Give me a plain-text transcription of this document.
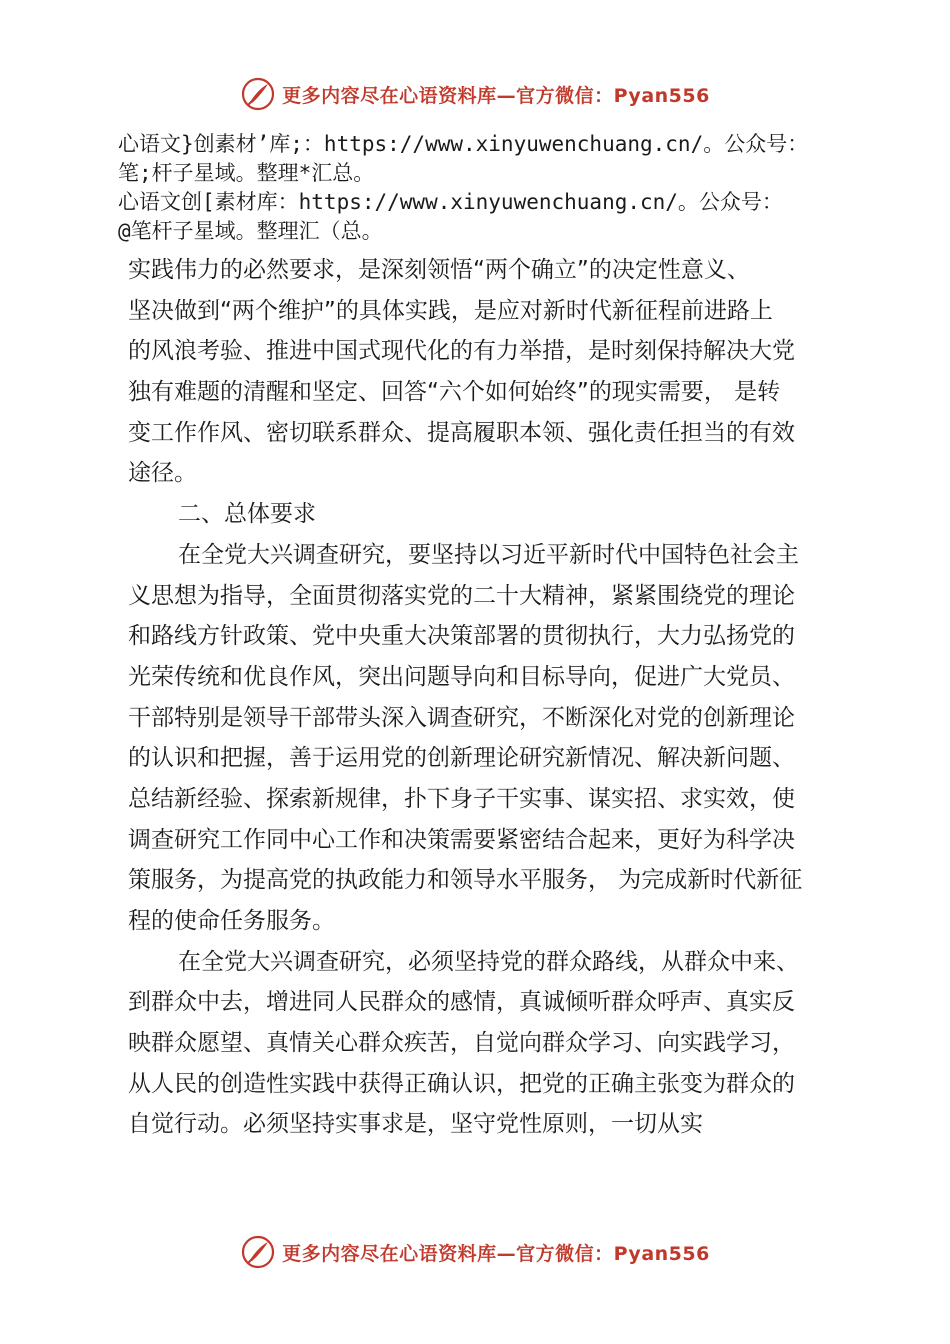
更多内容尽在心语资料库—官方微信：Pyan556
心语文}创素材’库;：https://www.xinyuwenchuang.cn/。公众号：
笔;杆子星域。整理*汇总。
心语文创[素材库：https://www.xinyuwenchuang.cn/。公众号：
@笔杆子星域。整理汇（总。
实践伟力的必然要求，是深刻领悟“两个确立”的决定性意义、
坚决做到“两个维护”的具体实践，是应对新时代新征程前进路上
的风浪考验、推进中国式现代化的有力举措，是时刻保持解决大党
独有难题的清醒和坚定、回答“六个如何始终”的现实需要， 是转
变工作作风、密切联系群众、提高履职本领、强化责任担当的有效
途径。
二、总体要求
在全党大兴调查研究，要坚持以习近平新时代中国特色社会主
义思想为指导，全面贯彻落实党的二十大精神，紧紧围绕党的理论
和路线方针政策、党中央重大决策部署的贯彻执行，大力弘扬党的
光荣传统和优良作风，突出问题导向和目标导向，促进广大党员、
干部特别是领导干部带头深入调查研究，不断深化对党的创新理论
的认识和把握，善于运用党的创新理论研究新情况、解决新问题、
总结新经验、探索新规律，扑下身子干实事、谋实招、求实效，使
调查研究工作同中心工作和决策需要紧密结合起来，更好为科学决
策服务，为提高党的执政能力和领导水平服务， 为完成新时代新征
程的使命任务服务。
在全党大兴调查研究，必须坚持党的群众路线，从群众中来、
到群众中去，增进同人民群众的感情，真诚倾听群众呼声、真实反
映群众愿望、真情关心群众疾苦，自觉向群众学习、向实践学习，
从人民的创造性实践中获得正确认识，把党的正确主张变为群众的
自觉行动。必须坚持实事求是，坚守党性原则，一切从实
更多内容尽在心语资料库—官方微信：Pyan556
